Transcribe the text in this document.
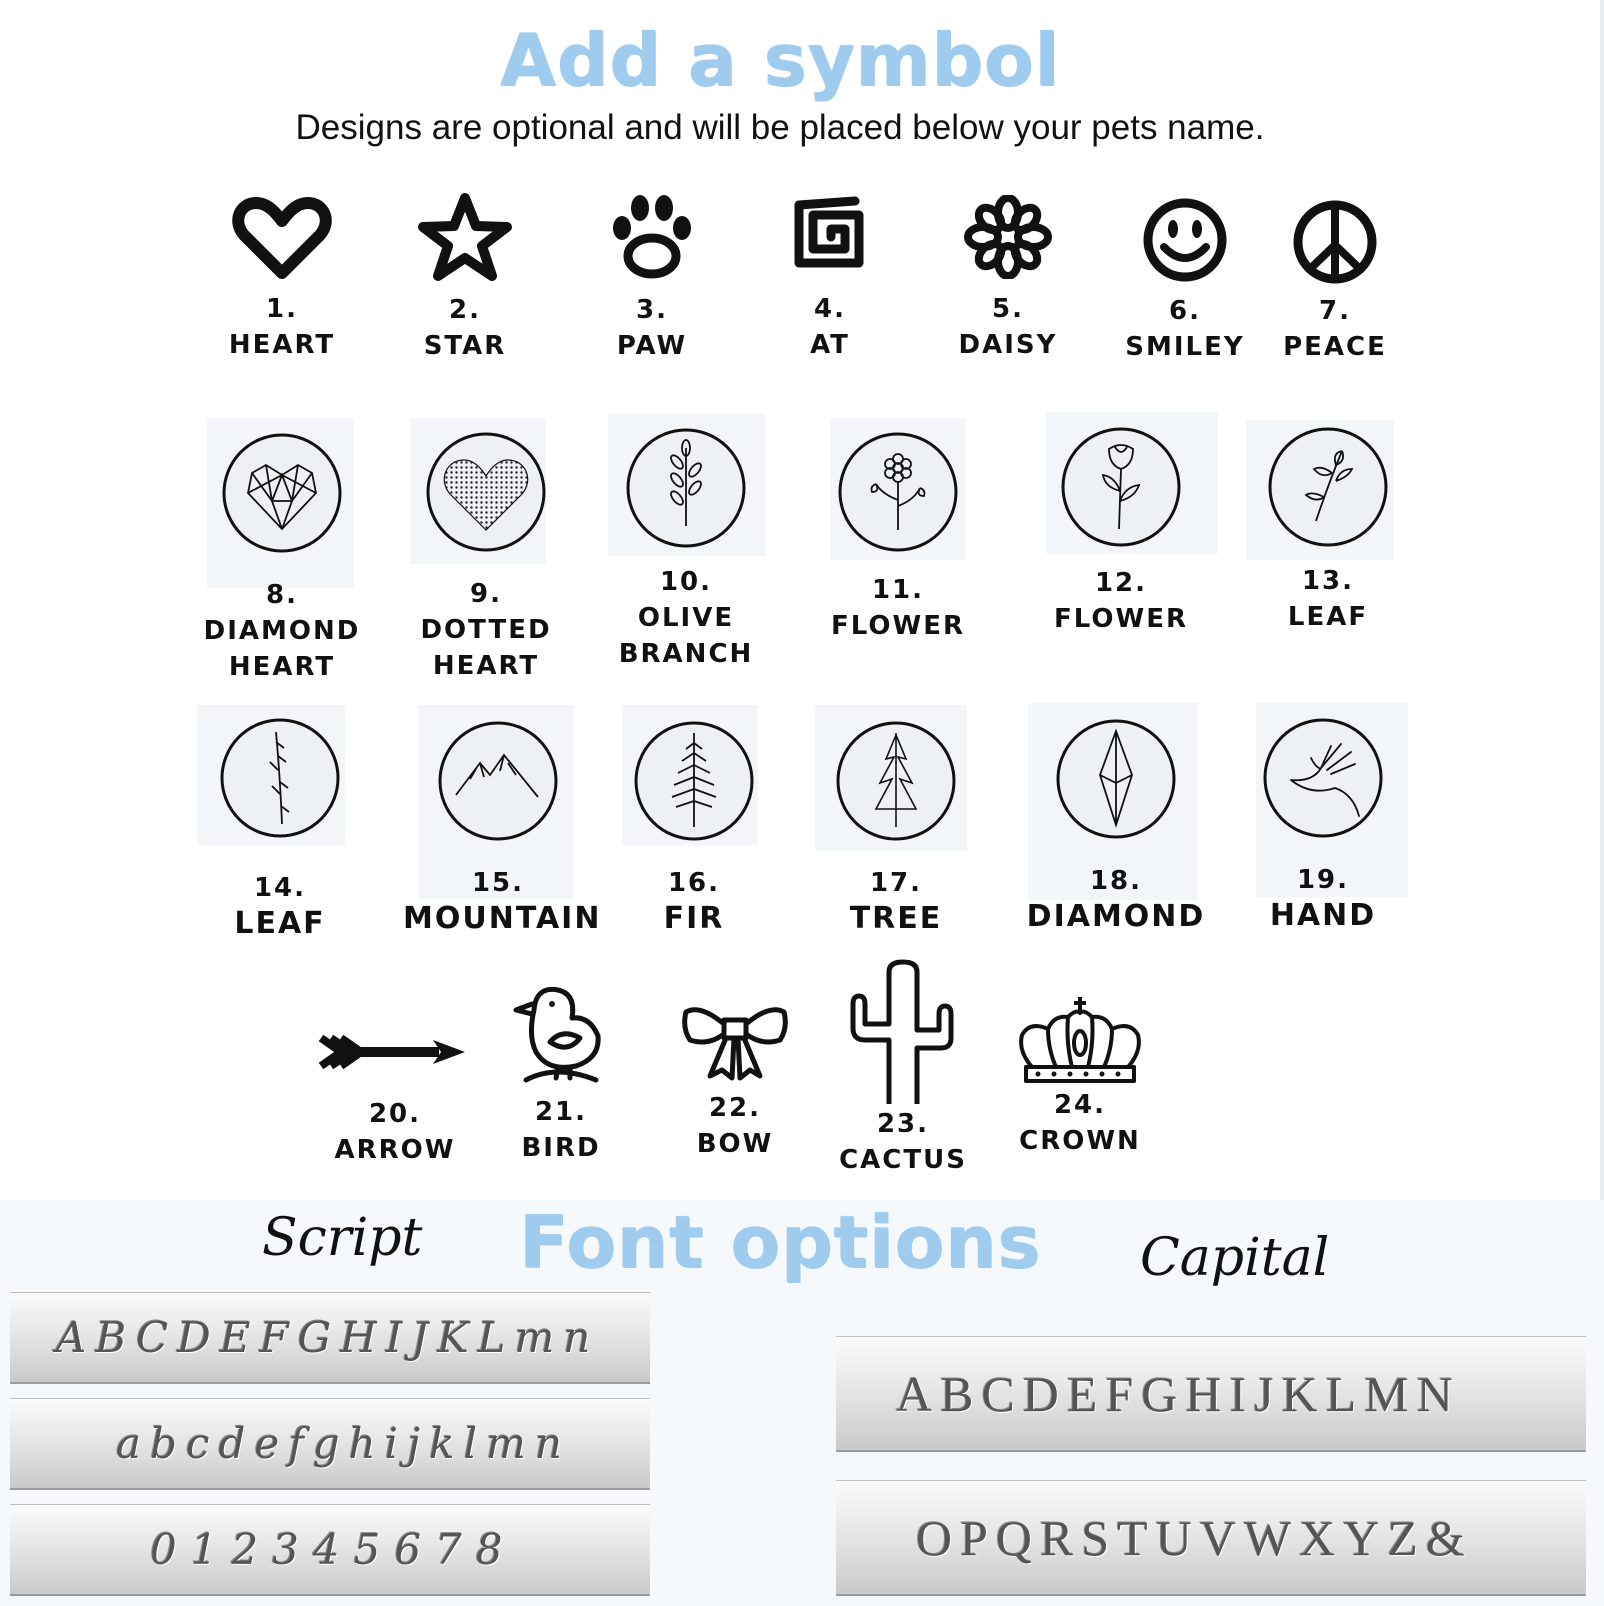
Add a symbol
Designs are optional and will be placed below your pets name.
1.
HEART
2.
STAR
3.
PAW
4.
AT
5.
DAISY
6.
SMILEY
7.
PEACE
8.
DIAMOND
HEART
9.
DOTTED
HEART
10.
OLIVE
BRANCH
11.
FLOWER
12.
FLOWER
13.
LEAF
14.
LEAF
15.
MOUNTAIN
16.
FIR
17.
TREE
18.
DIAMOND
19.
HAND
20.
ARROW
21.
BIRD
22.
BOW
23.
CACTUS
24.
CROWN
Script	Font options	Capital
ABCDEFGHIJKLmn
abcdefghijklmn
012345678
ABCDEFGHIJKLMN
OPQRSTUVWXYZ&
